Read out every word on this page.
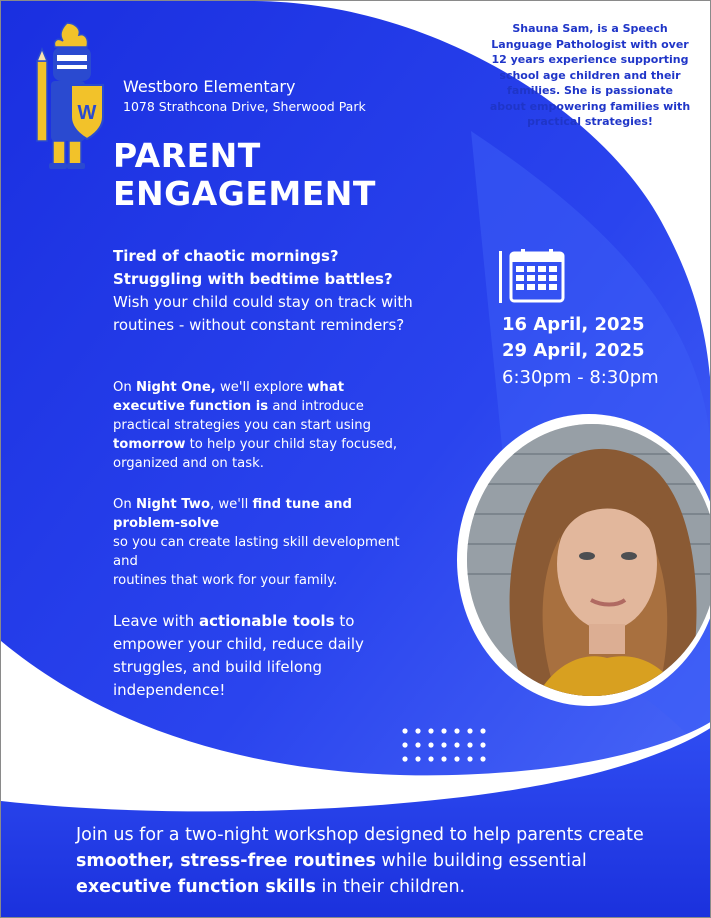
W
Westboro Elementary
1078 Strathcona Drive, Sherwood Park
PARENT
ENGAGEMENT
Shauna Sam, is a Speech Language Pathologist with over 12 years experience supporting school age children and their families. She is passionate about empowering families with practical strategies!
Tired of chaotic mornings?
Struggling with bedtime battles?
Wish your child could stay on track with routines - without constant reminders?
On Night One, we'll explore what executive function is and introduce practical strategies you can start using tomorrow to help your child stay focused, organized and on task.
On Night Two, we'll find tune and problem-solve
so you can create lasting skill development and
routines that work for your family.
Leave with actionable tools to empower your child, reduce daily struggles, and build lifelong independence!
16 April, 2025
29 April, 2025
6:30pm - 8:30pm
Join us for a two-night workshop designed to help parents create smoother, stress-free routines while building essential executive function skills in their children.
